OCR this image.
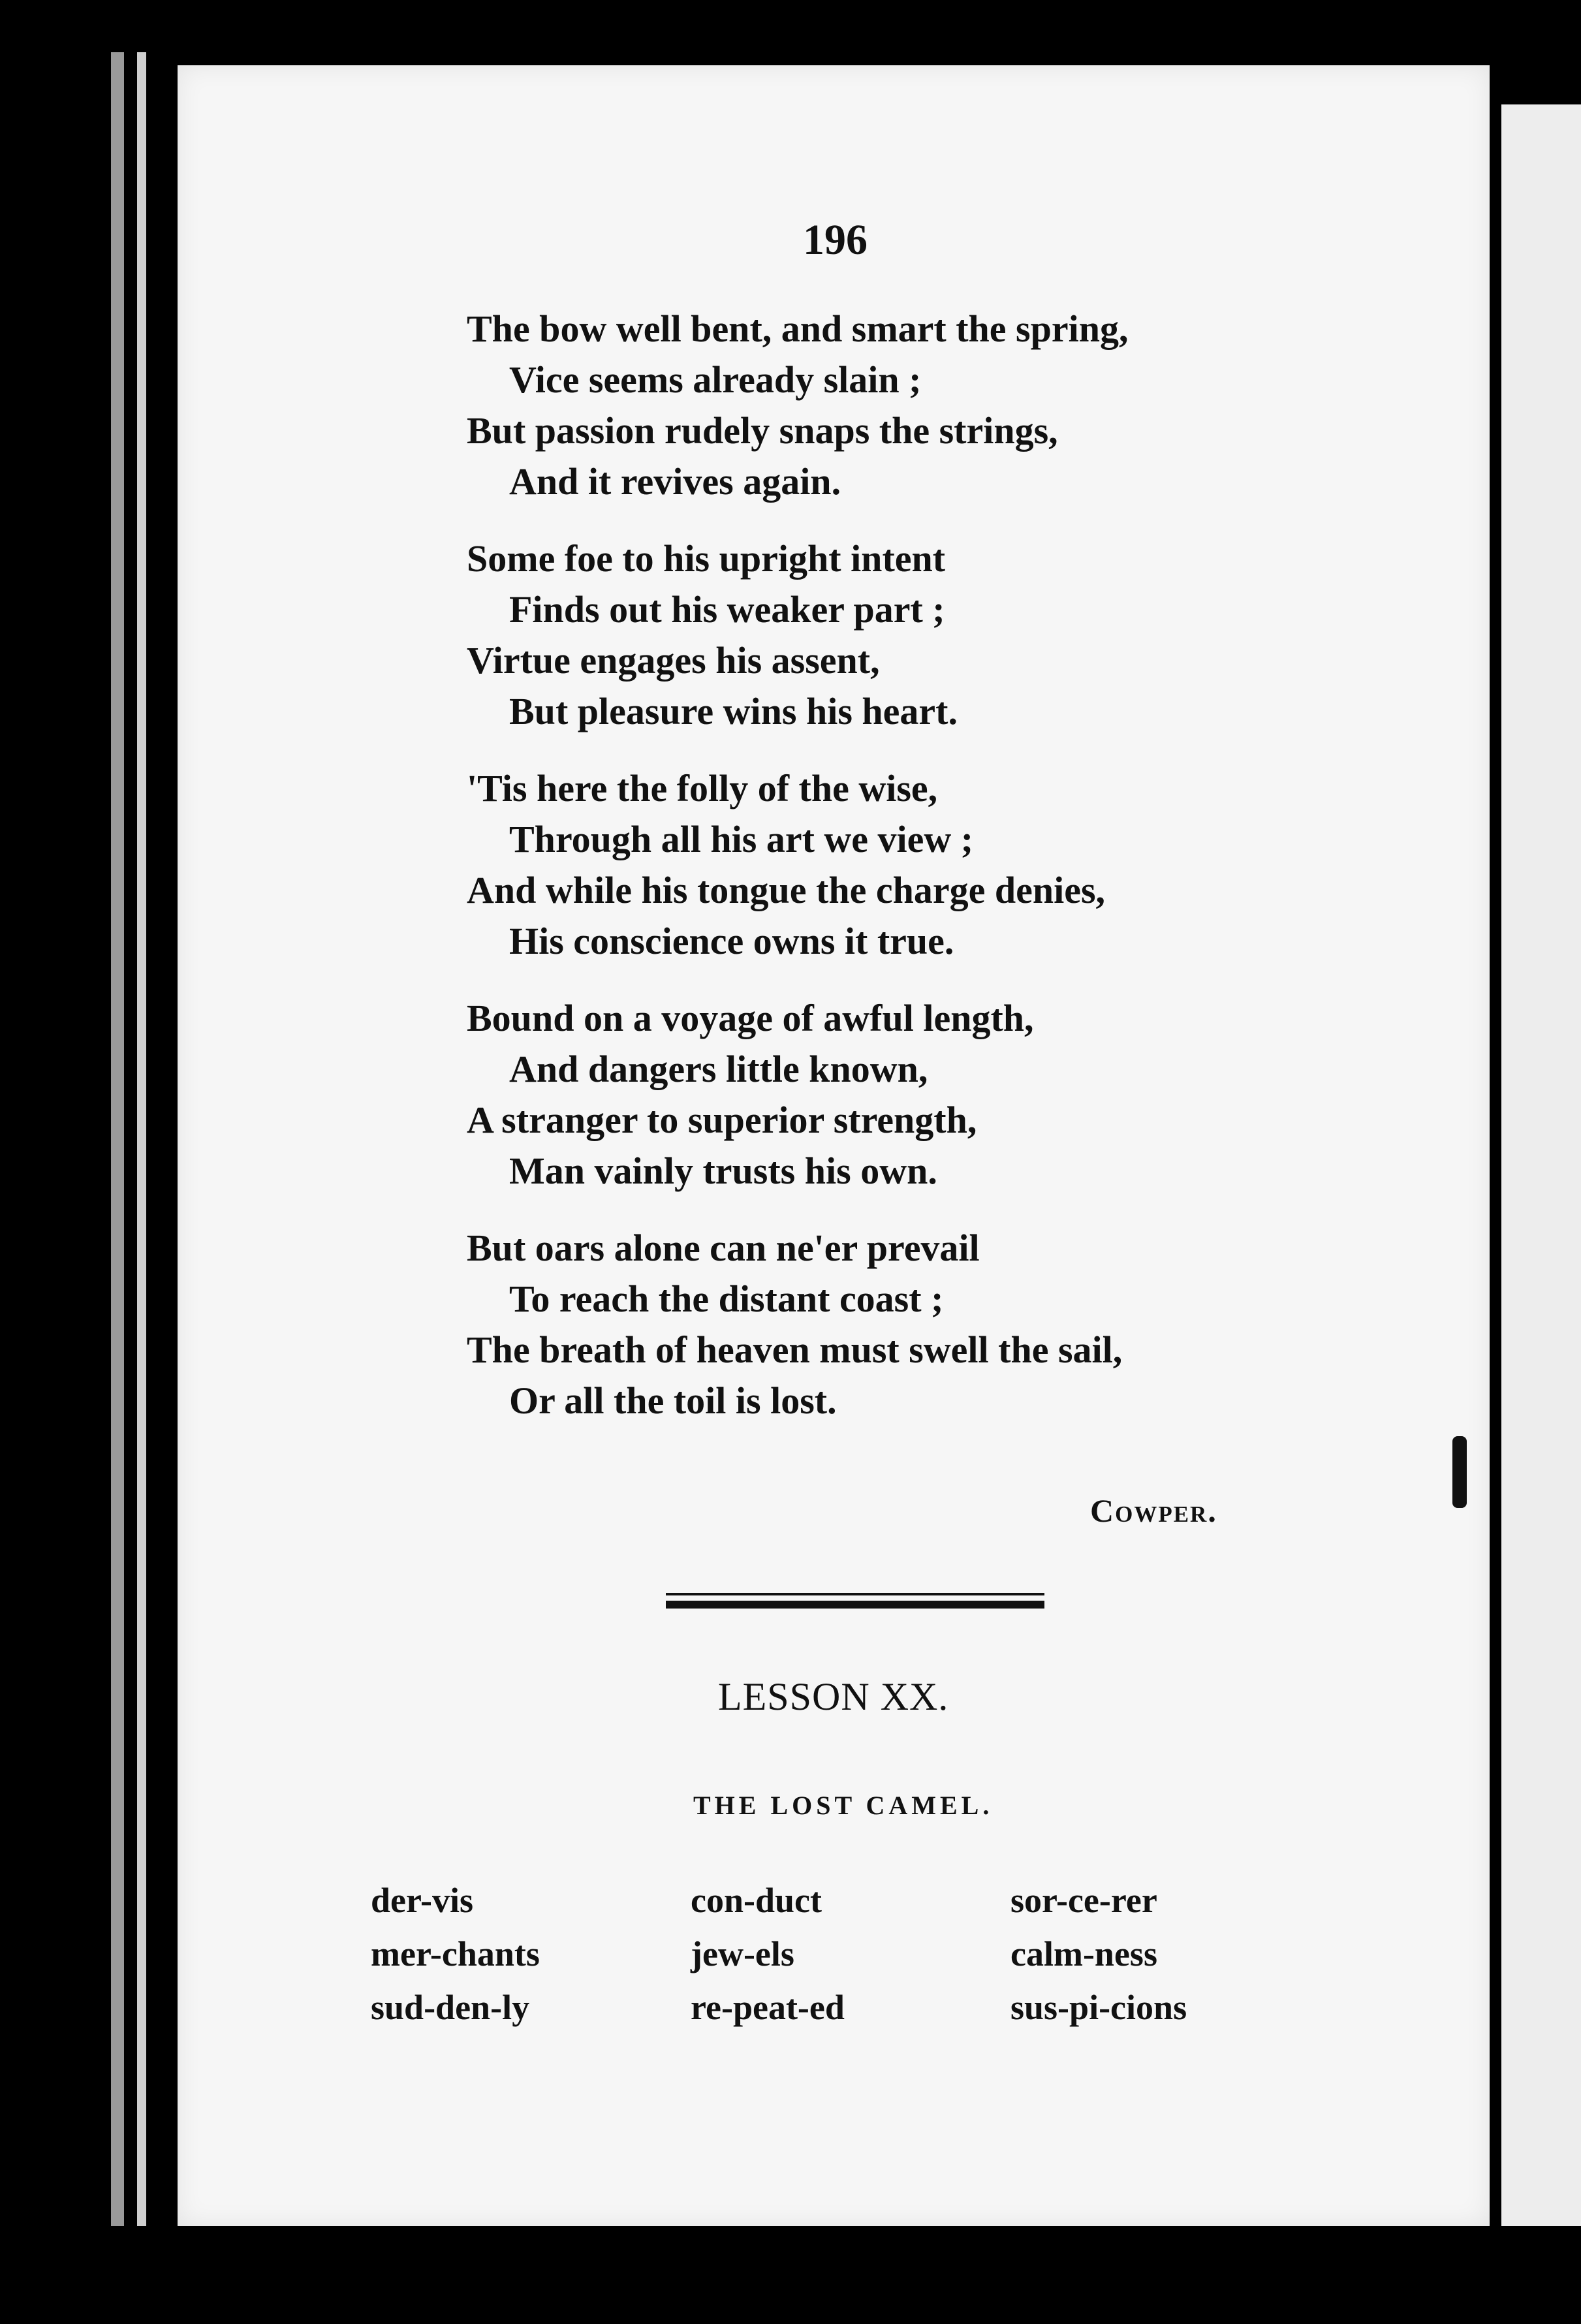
196
The bow well bent, and smart the spring,
Vice seems already slain ;
But passion rudely snaps the strings,
And it revives again.
Some foe to his upright intent
Finds out his weaker part ;
Virtue engages his assent,
But pleasure wins his heart.
'Tis here the folly of the wise,
Through all his art we view ;
And while his tongue the charge denies,
His conscience owns it true.
Bound on a voyage of awful length,
And dangers little known,
A stranger to superior strength,
Man vainly trusts his own.
But oars alone can ne'er prevail
To reach the distant coast ;
The breath of heaven must swell the sail,
Or all the toil is lost.
Cowper.
LESSON XX.
THE LOST CAMEL.
der-vis	con-duct	sor-ce-rer
mer-chants	jew-els	calm-ness
sud-den-ly	re-peat-ed	sus-pi-cions
